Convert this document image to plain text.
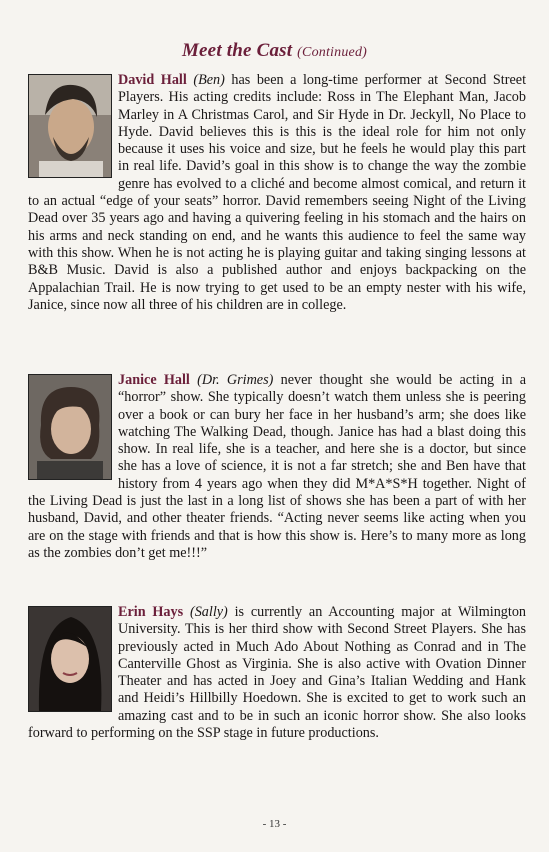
Meet the Cast (Continued)
David Hall (Ben) has been a long-time performer at Second Street Players. His acting credits include: Ross in The Elephant Man, Jacob Marley in A Christmas Carol, and Sir Hyde in Dr. Jeckyll, No Place to Hyde. David believes this is this is the ideal role for him not only because it uses his voice and size, but he feels he would play this part in real life. David’s goal in this show is to change the way the zombie genre has evolved to a cliché and become almost comical, and return it to an actual “edge of your seats” horror. David remembers seeing Night of the Living Dead over 35 years ago and having a quivering feeling in his stomach and the hairs on his arms and neck standing on end, and he wants this audience to feel the same way with this show. When he is not acting he is playing guitar and taking singing lessons at B&B Music. David is also a published author and enjoys backpacking on the Appalachian Trail. He is now trying to get used to be an empty nester with his wife, Janice, since now all three of his children are in college.
Janice Hall (Dr. Grimes) never thought she would be acting in a “horror” show. She typically doesn’t watch them unless she is peering over a book or can bury her face in her husband’s arm; she does like watching The Walking Dead, though. Janice has had a blast doing this show. In real life, she is a teacher, and here she is a doctor, but since she has a love of science, it is not a far stretch; she and Ben have that history from 4 years ago when they did M*A*S*H together. Night of the Living Dead is just the last in a long list of shows she has been a part of with her husband, David, and other theater friends. “Acting never seems like acting when you are on the stage with friends and that is how this show is. Here’s to many more as long as the zombies don’t get me!!!”
Erin Hays (Sally) is currently an Accounting major at Wilmington University. This is her third show with Second Street Players. She has previously acted in Much Ado About Nothing as Conrad and in The Canterville Ghost as Virginia. She is also active with Ovation Dinner Theater and has acted in Joey and Gina’s Italian Wedding and Hank and Heidi’s Hillbilly Hoedown. She is excited to get to work such an amazing cast and to be in such an iconic horror show. She also looks forward to performing on the SSP stage in future productions.
- 13 -
